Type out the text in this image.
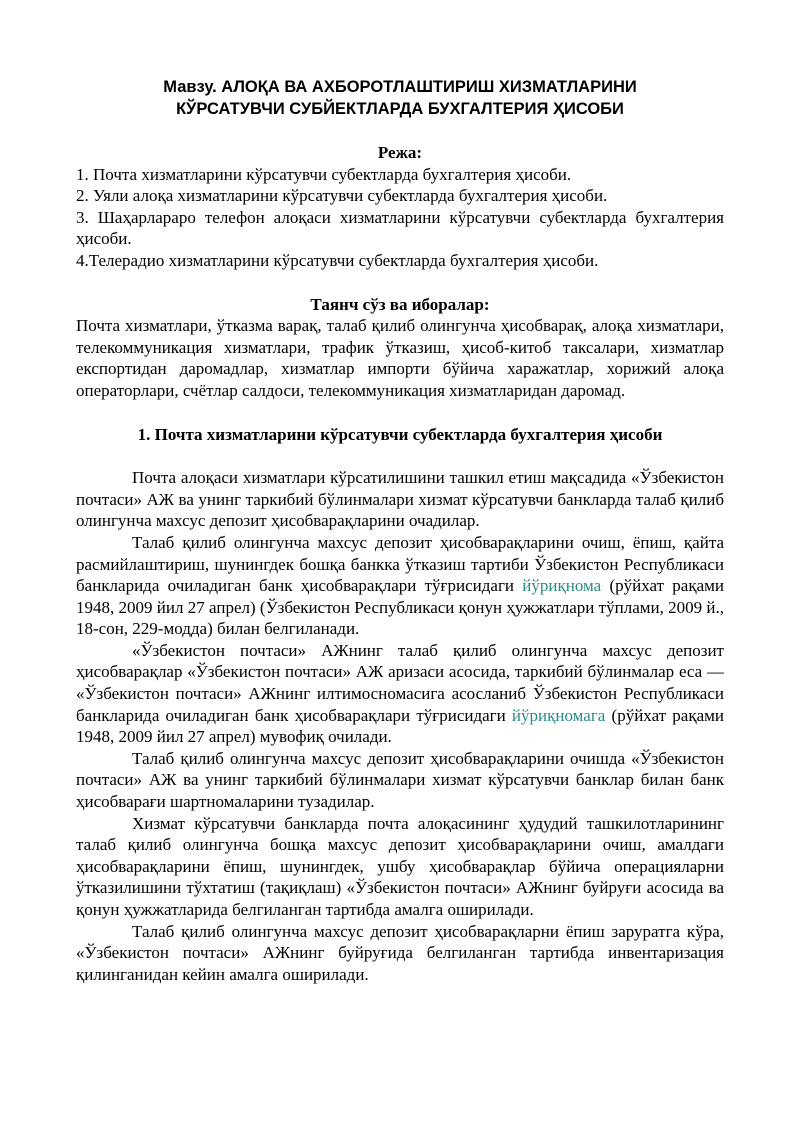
Мавзу. АЛОҚА ВА АХБОРОТЛАШТИРИШ ХИЗМАТЛАРИНИ
КЎРСАТУВЧИ СУБЙЕКТЛАРДА БУХГАЛТЕРИЯ ҲИСОБИ

Режа:

1. Почта хизматларини кўрсатувчи субектларда бухгалтерия ҳисоби.

2. Уяли алоқа хизматларини кўрсатувчи субектларда бухгалтерия ҳисоби.

3. Шаҳарлараро телефон алоқаси хизматларини кўрсатувчи субектларда бухгалтерия ҳисоби.

4.Телерадио хизматларини кўрсатувчи субектларда бухгалтерия ҳисоби.

Таянч сўз ва иборалар:

Почта хизматлари, ўтказма варақ, талаб қилиб олингунча ҳисобварақ, алоқа хизматлари, телекоммуникация хизматлари, трафик ўтказиш, ҳисоб-китоб таксалари, хизматлар експортидан даромадлар, хизматлар импорти бўйича харажатлар, хорижий алоқа операторлари, счётлар салдоси, телекоммуникация хизматларидан даромад.

1. Почта хизматларини кўрсатувчи субектларда бухгалтерия ҳисоби

Почта алоқаси хизматлари кўрсатилишини ташкил етиш мақсадида «Ўзбекистон почтаси» АЖ ва унинг таркибий бўлинмалари хизмат кўрсатувчи банкларда талаб қилиб олингунча махсус депозит ҳисобварақларини очадилар.

Талаб қилиб олингунча махсус депозит ҳисобварақларини очиш, ёпиш, қайта расмийлаштириш, шунингдек бошқа банкка ўтказиш тартиби Ўзбекистон Республикаси банкларида очиладиган банк ҳисобварақлари тўғрисидаги йўриқнома (рўйхат рақами 1948, 2009 йил 27 апрел) (Ўзбекистон Республикаси қонун ҳужжатлари тўплами, 2009 й., 18-сон, 229-модда) билан белгиланади.

«Ўзбекистон почтаси» АЖнинг талаб қилиб олингунча махсус депозит ҳисобварақлар «Ўзбекистон почтаси» АЖ аризаси асосида, таркибий бўлинмалар еса — «Ўзбекистон почтаси» АЖнинг илтимосномасига асосланиб Ўзбекистон Республикаси банкларида очиладиган банк ҳисобварақлари тўғрисидаги йўриқномага (рўйхат рақами 1948, 2009 йил 27 апрел) мувофиқ очилади.

Талаб қилиб олингунча махсус депозит ҳисобварақларини очишда «Ўзбекистон почтаси» АЖ ва унинг таркибий бўлинмалари хизмат кўрсатувчи банклар билан банк ҳисобварағи шартномаларини тузадилар.

Хизмат кўрсатувчи банкларда почта алоқасининг ҳудудий ташкилотларининг талаб қилиб олингунча бошқа махсус депозит ҳисобварақларини очиш, амалдаги ҳисобварақларини ёпиш, шунингдек, ушбу ҳисобварақлар бўйича операцияларни ўтказилишини тўхтатиш (тақиқлаш) «Ўзбекистон почтаси» АЖнинг буйруғи асосида ва қонун ҳужжатларида белгиланган тартибда амалга оширилади.

Талаб қилиб олингунча махсус депозит ҳисобварақларни ёпиш заруратга кўра, «Ўзбекистон почтаси» АЖнинг буйруғида белгиланган тартибда инвентаризация қилинганидан кейин амалга оширилади.
